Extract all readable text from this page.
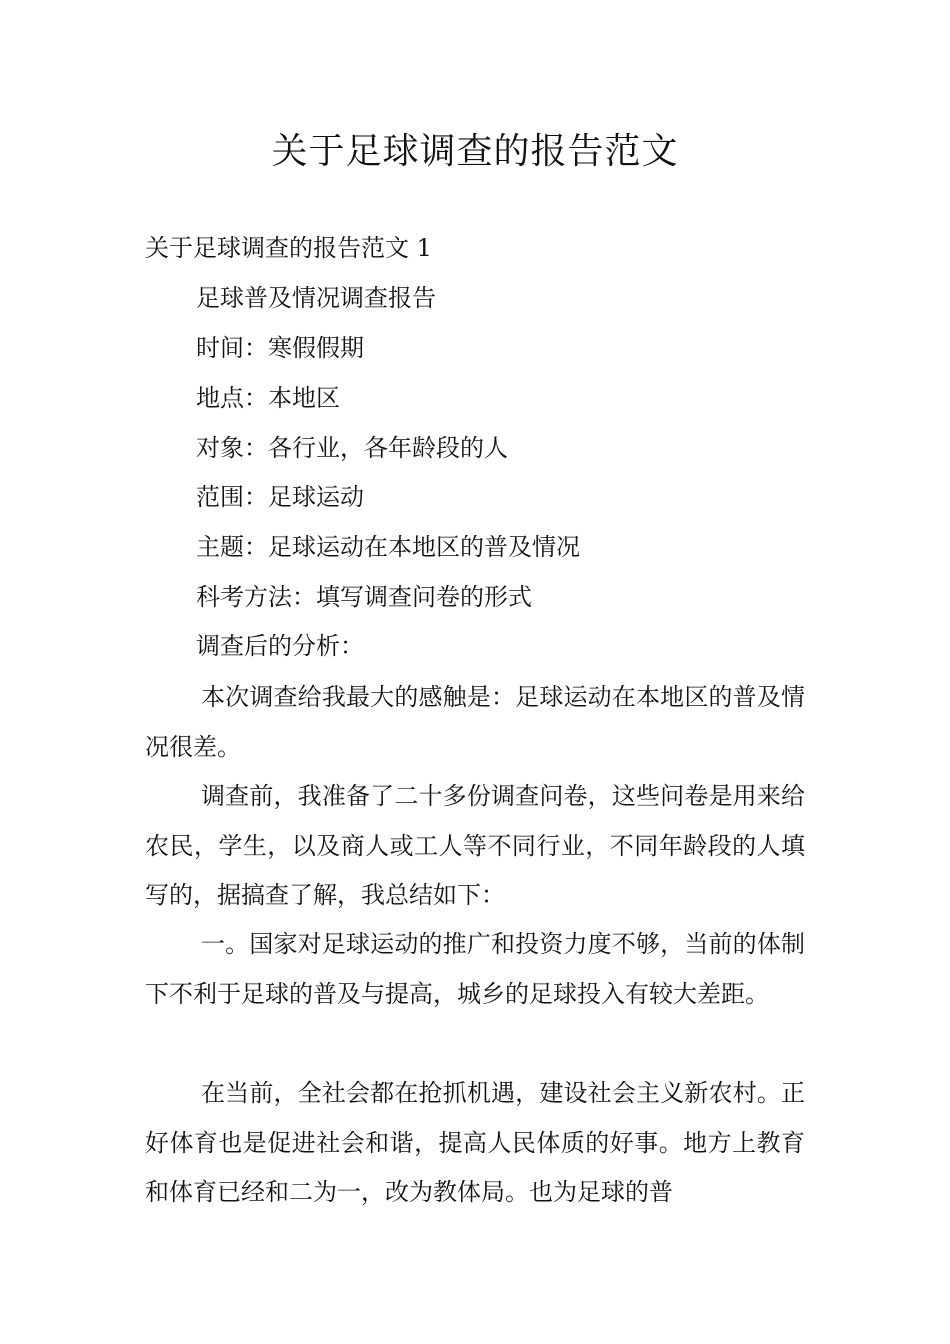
关于足球调查的报告范文
关于足球调查的报告范文 1
足球普及情况调查报告
时间：寒假假期
地点：本地区
对象：各行业，各年龄段的人
范围：足球运动
主题：足球运动在本地区的普及情况
科考方法：填写调查问卷的形式
调查后的分析：

本次调查给我最大的感触是：足球运动在本地区的普及情况很差。

调查前，我准备了二十多份调查问卷，这些问卷是用来给农民，学生，以及商人或工人等不同行业，不同年龄段的人填写的，据搞查了解，我总结如下：

一。国家对足球运动的推广和投资力度不够，当前的体制下不利于足球的普及与提高，城乡的足球投入有较大差距。

在当前，全社会都在抢抓机遇，建设社会主义新农村。正好体育也是促进社会和谐，提高人民体质的好事。地方上教育和体育已经和二为一，改为教体局。也为足球的普
